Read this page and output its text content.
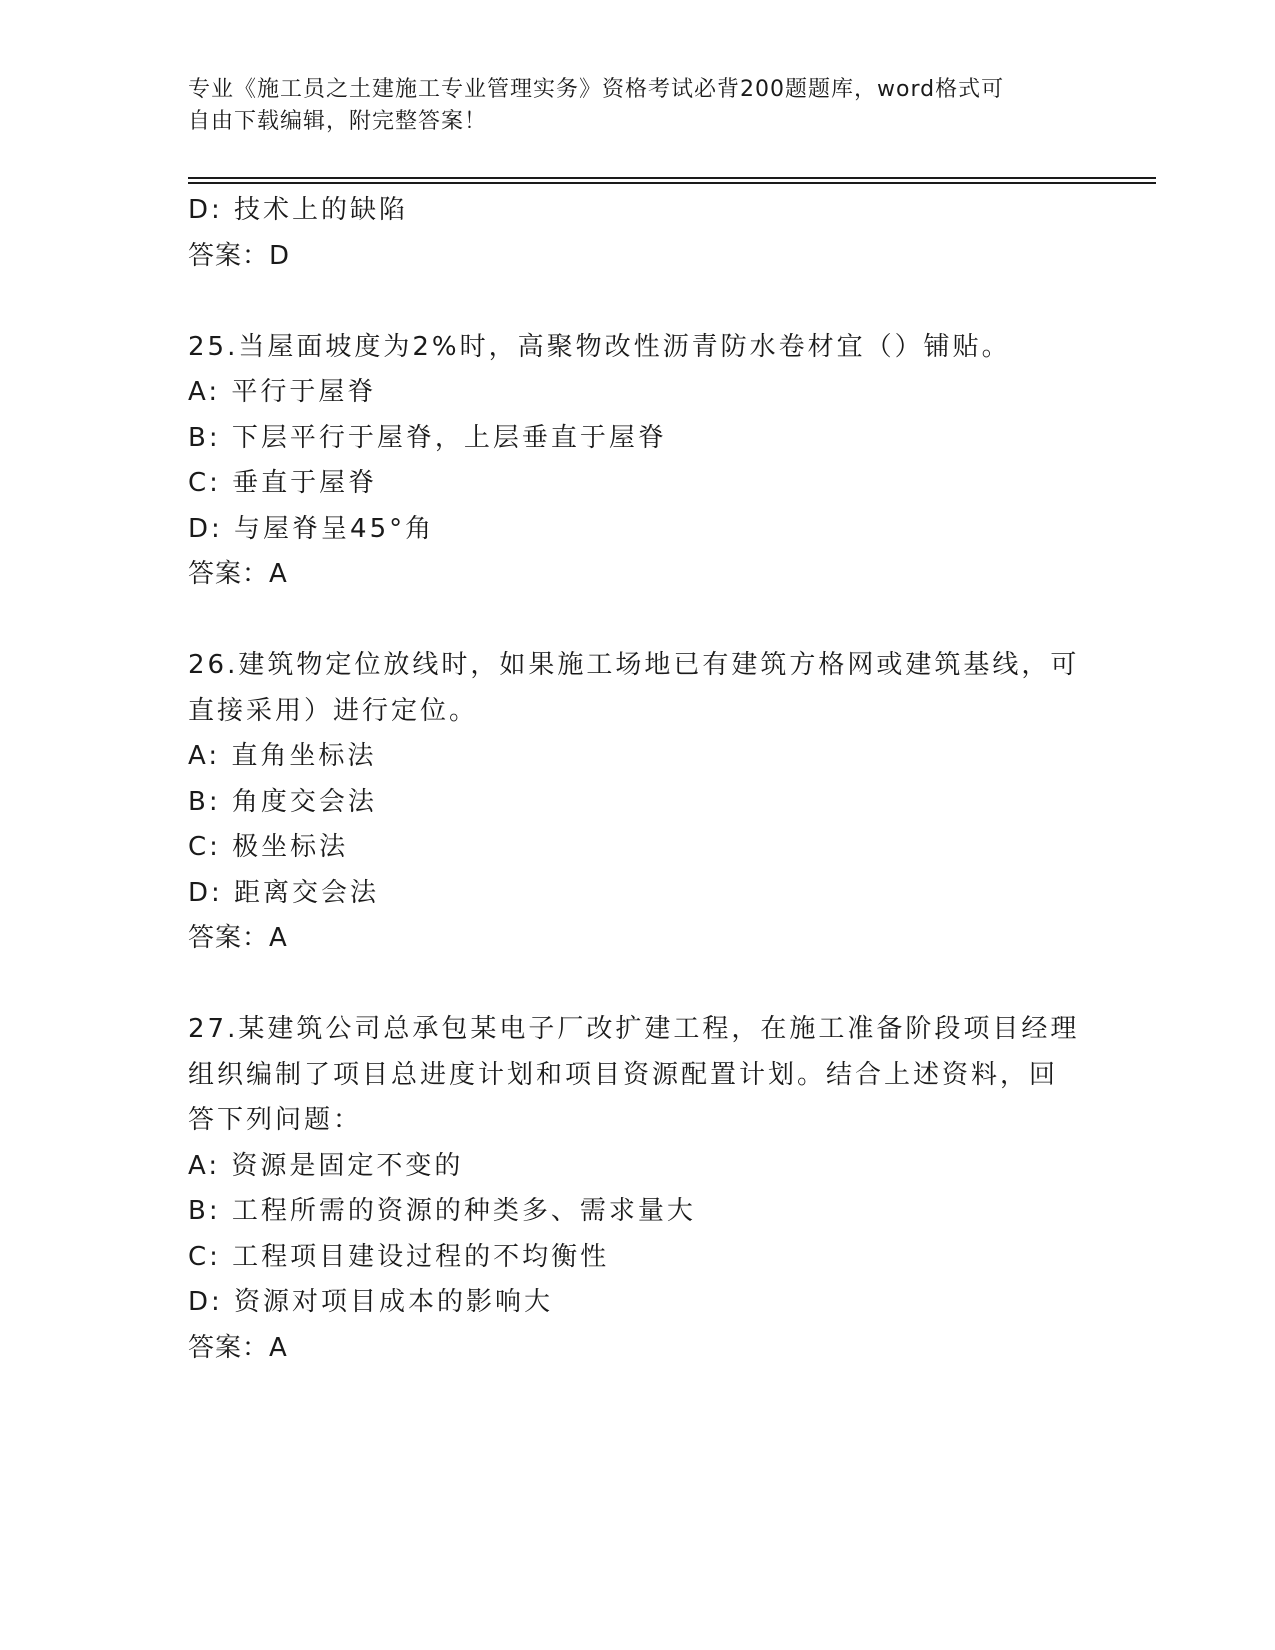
专业《施工员之土建施工专业管理实务》资格考试必背200题题库，word格式可
自由下载编辑，附完整答案！
D: 技术上的缺陷
答案：D
25.当屋面坡度为2%时，高聚物改性沥青防水卷材宜（）铺贴。
A: 平行于屋脊
B: 下层平行于屋脊，上层垂直于屋脊
C: 垂直于屋脊
D: 与屋脊呈45°角
答案：A
26.建筑物定位放线时，如果施工场地已有建筑方格网或建筑基线，可
直接采用）进行定位。
A: 直角坐标法
B: 角度交会法
C: 极坐标法
D: 距离交会法
答案：A
27.某建筑公司总承包某电子厂改扩建工程，在施工准备阶段项目经理
组织编制了项目总进度计划和项目资源配置计划。结合上述资料，回
答下列问题：
A: 资源是固定不变的
B: 工程所需的资源的种类多、需求量大
C: 工程项目建设过程的不均衡性
D: 资源对项目成本的影响大
答案：A
